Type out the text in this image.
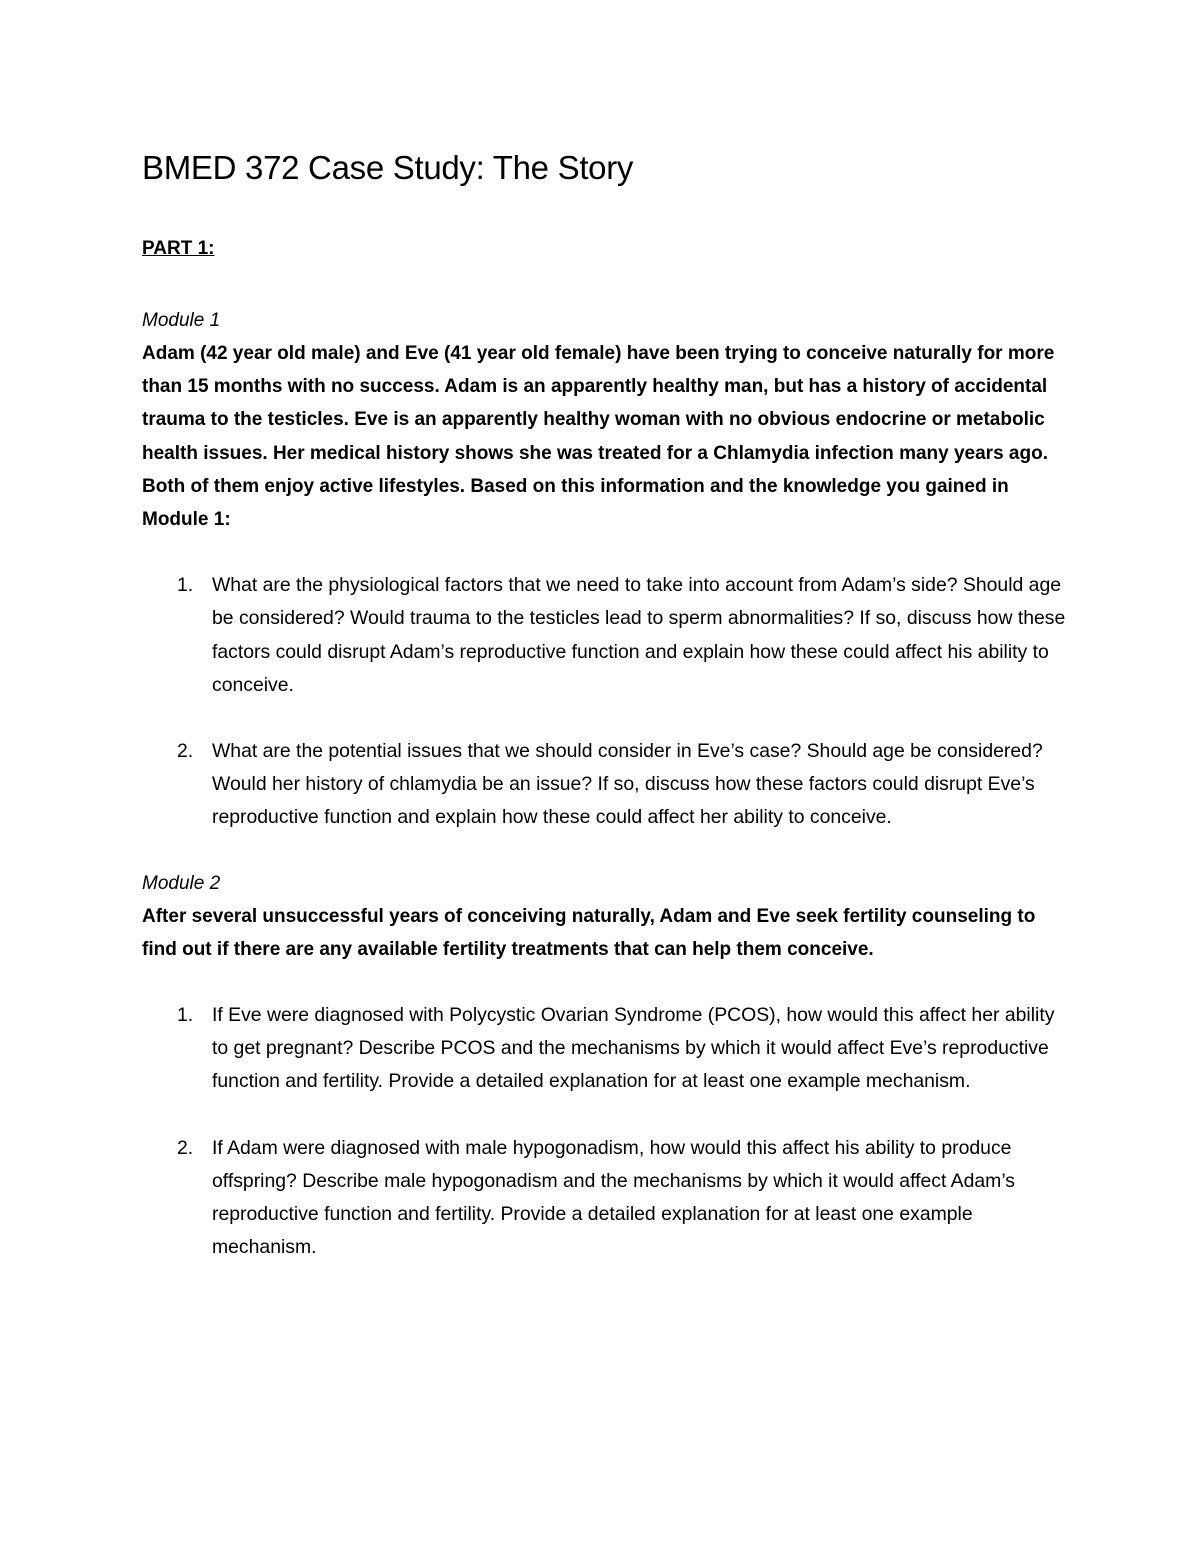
BMED 372 Case Study: The Story
PART 1:
Module 1

Adam (42 year old male) and Eve (41 year old female) have been trying to conceive naturally for more than 15 months with no success. Adam is an apparently healthy man, but has a history of accidental trauma to the testicles. Eve is an apparently healthy woman with no obvious endocrine or metabolic health issues. Her medical history shows she was treated for a Chlamydia infection many years ago. Both of them enjoy active lifestyles. Based on this information and the knowledge you gained in Module 1:

1. What are the physiological factors that we need to take into account from Adam’s side? Should age be considered? Would trauma to the testicles lead to sperm abnormalities? If so, discuss how these factors could disrupt Adam’s reproductive function and explain how these could affect his ability to conceive.
2. What are the potential issues that we should consider in Eve’s case? Should age be considered? Would her history of chlamydia be an issue? If so, discuss how these factors could disrupt Eve’s reproductive function and explain how these could affect her ability to conceive.
Module 2

After several unsuccessful years of conceiving naturally, Adam and Eve seek fertility counseling to find out if there are any available fertility treatments that can help them conceive.

1. If Eve were diagnosed with Polycystic Ovarian Syndrome (PCOS), how would this affect her ability to get pregnant? Describe PCOS and the mechanisms by which it would affect Eve’s reproductive function and fertility. Provide a detailed explanation for at least one example mechanism.
2. If Adam were diagnosed with male hypogonadism, how would this affect his ability to produce offspring? Describe male hypogonadism and the mechanisms by which it would affect Adam’s reproductive function and fertility. Provide a detailed explanation for at least one example mechanism.
